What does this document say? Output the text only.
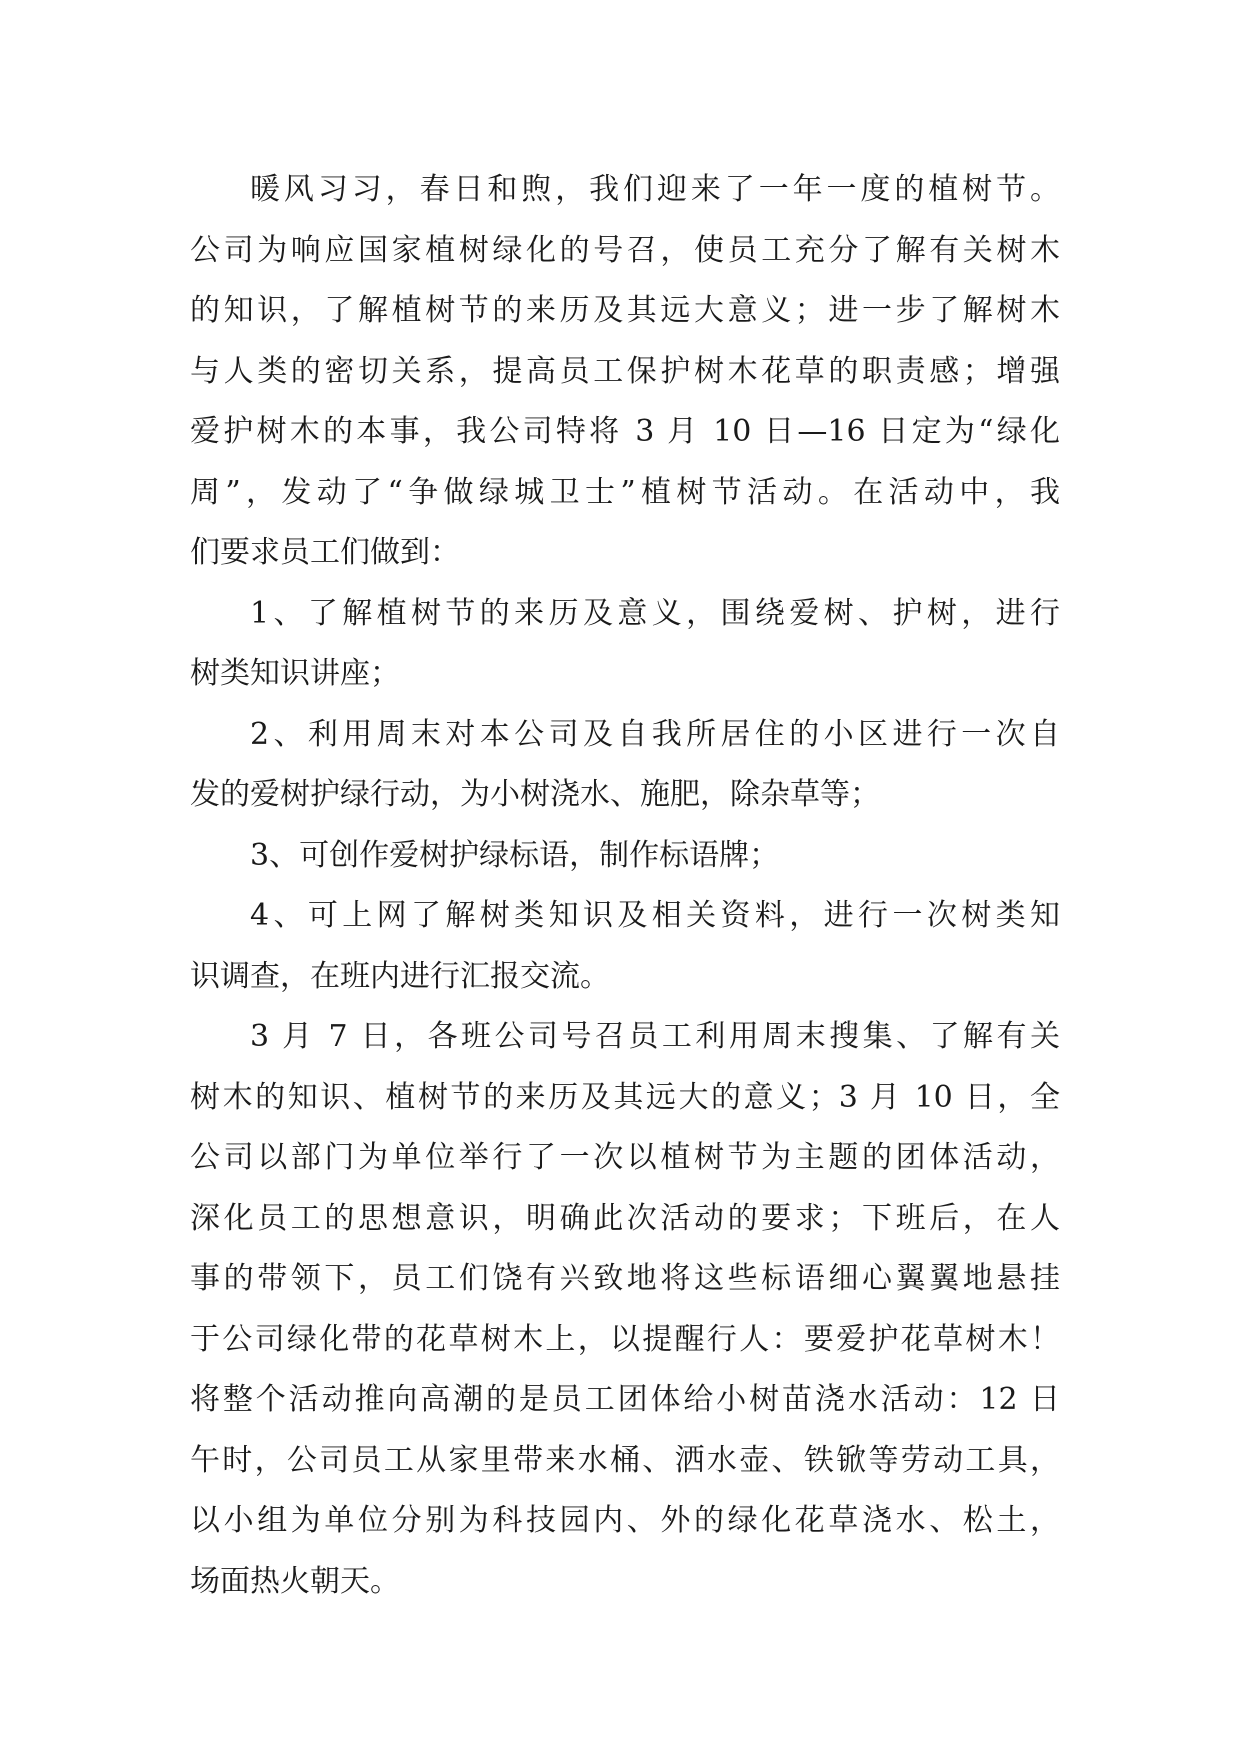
暖风习习，春日和煦，我们迎来了一年一度的植树节。
公司为响应国家植树绿化的号召，使员工充分了解有关树木
的知识，了解植树节的来历及其远大意义；进一步了解树木
与人类的密切关系，提高员工保护树木花草的职责感；增强
爱护树木的本事，我公司特将 3 月 10 日—16 日定为“绿化
周”，发动了“争做绿城卫士”植树节活动。在活动中，我
们要求员工们做到：
1、了解植树节的来历及意义，围绕爱树、护树，进行
树类知识讲座；
2、利用周末对本公司及自我所居住的小区进行一次自
发的爱树护绿行动，为小树浇水、施肥，除杂草等；
3、可创作爱树护绿标语，制作标语牌；
4、可上网了解树类知识及相关资料，进行一次树类知
识调查，在班内进行汇报交流。
3 月 7 日，各班公司号召员工利用周末搜集、了解有关
树木的知识、植树节的来历及其远大的意义；3 月 10 日，全
公司以部门为单位举行了一次以植树节为主题的团体活动，
深化员工的思想意识，明确此次活动的要求；下班后，在人
事的带领下，员工们饶有兴致地将这些标语细心翼翼地悬挂
于公司绿化带的花草树木上，以提醒行人：要爱护花草树木！
将整个活动推向高潮的是员工团体给小树苗浇水活动：12 日
午时，公司员工从家里带来水桶、洒水壶、铁锨等劳动工具，
以小组为单位分别为科技园内、外的绿化花草浇水、松土，
场面热火朝天。
